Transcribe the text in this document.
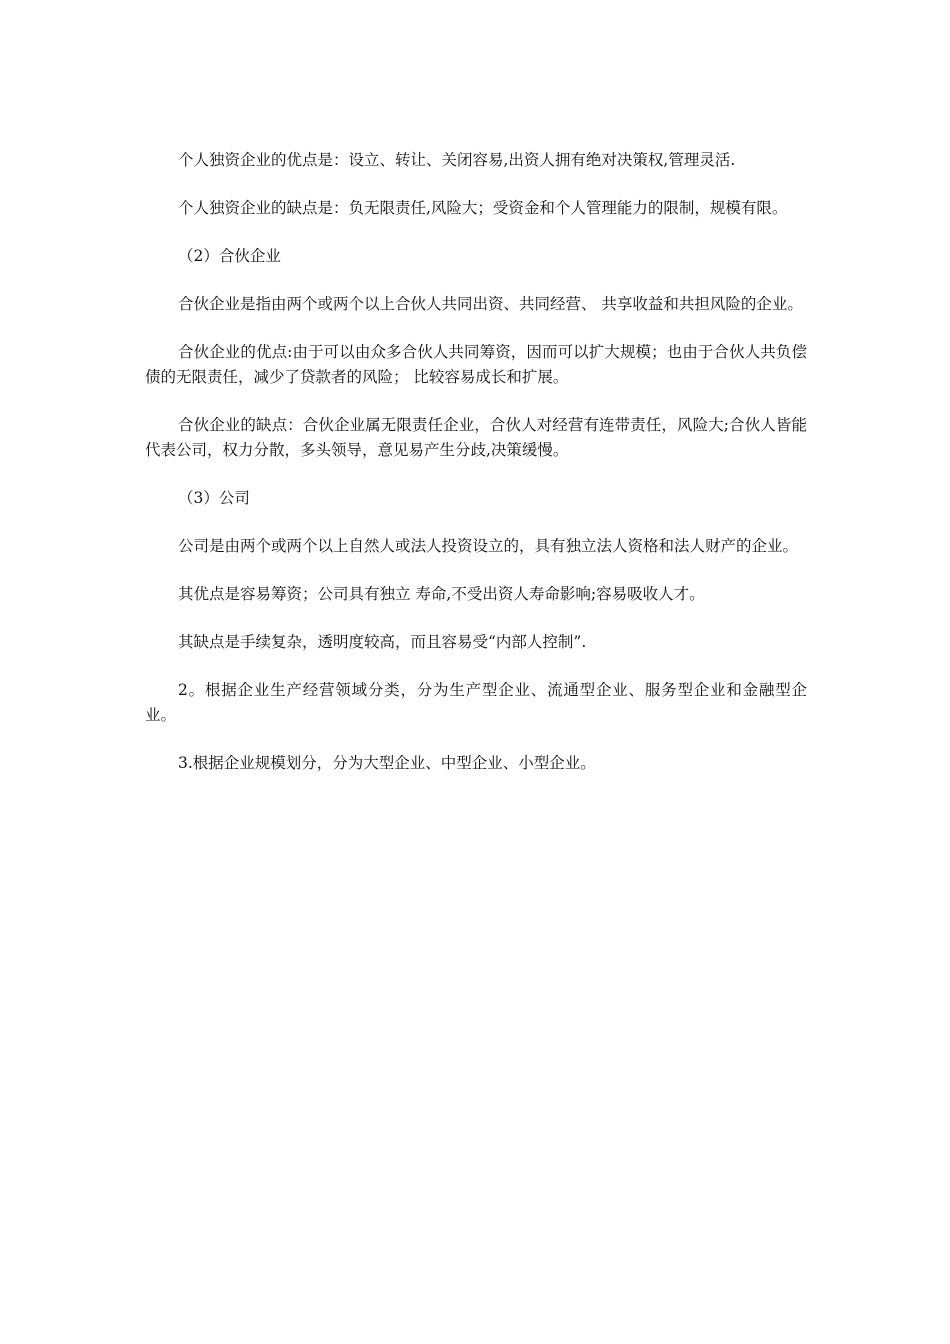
个人独资企业的优点是：设立、转让、关闭容易,出资人拥有绝对决策权,管理灵活.

个人独资企业的缺点是：负无限责任,风险大；受资金和个人管理能力的限制，规模有限。

（2）合伙企业

合伙企业是指由两个或两个以上合伙人共同出资、共同经营、 共享收益和共担风险的企业。

合伙企业的优点:由于可以由众多合伙人共同筹资，因而可以扩大规模；也由于合伙人共负偿债的无限责任，减少了贷款者的风险； 比较容易成长和扩展。

合伙企业的缺点：合伙企业属无限责任企业，合伙人对经营有连带责任，风险大;合伙人皆能代表公司，权力分散，多头领导，意见易产生分歧,决策缓慢。

（3）公司

公司是由两个或两个以上自然人或法人投资设立的，具有独立法人资格和法人财产的企业。

其优点是容易筹资；公司具有独立 寿命,不受出资人寿命影响;容易吸收人才。

其缺点是手续复杂，透明度较高，而且容易受“内部人控制”.

2。根据企业生产经营领域分类，分为生产型企业、流通型企业、服务型企业和金融型企业。

3.根据企业规模划分，分为大型企业、中型企业、小型企业。
